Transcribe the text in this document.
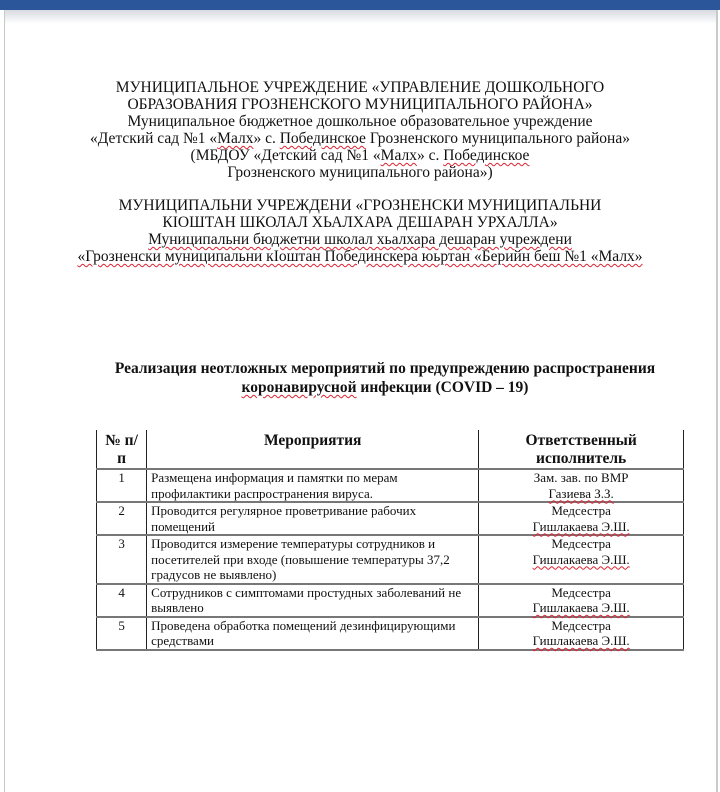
МУНИЦИПАЛЬНОЕ УЧРЕЖДЕНИЕ «УПРАВЛЕНИЕ ДОШКОЛЬНОГО
ОБРАЗОВАНИЯ ГРОЗНЕНСКОГО МУНИЦИПАЛЬНОГО РАЙОНА»
Муниципальное бюджетное дошкольное образовательное учреждение
«Детский сад №1 «Малх» с. Побединское Грозненского муниципального района»
(МБДОУ «Детский сад №1 «Малх» с. Побединское
Грозненского муниципального района»)
МУНИЦИПАЛЬНИ УЧРЕЖДЕНИ «ГРОЗНЕНСКИ МУНИЦИПАЛЬНИ
КIОШТАН ШКОЛАЛ ХЬАЛХАРА ДЕШАРАН УРХАЛЛА»
Муниципальни бюджетни школал хьалхара дешаран учреждени
«Грозненски муниципальни кIоштан Побединскера юьртан «Берийн беш №1 «Малх»
Реализация неотложных мероприятий по предупреждению распространения
коронавирусной инфекции (COVID – 19)
№ п/п	Мероприятия	Ответственный исполнитель
1	Размещена информация и памятки по мерам профилактики распространения вируса.	Зам. зав. по ВМР
Газиева З.З.

2	Проводится регулярное проветривание рабочих помещений	Медсестра
Гишлакаева Э.Ш.

3	Проводится измерение температуры сотрудников и посетителей при входе (повышение температуры 37,2 градусов не выявлено)	Медсестра
Гишлакаева Э.Ш.

4	Сотрудников с симптомами простудных заболеваний не выявлено	Медсестра
Гишлакаева Э.Ш.

5	Проведена обработка помещений дезинфицирующими средствами	Медсестра
Гишлакаева Э.Ш.
